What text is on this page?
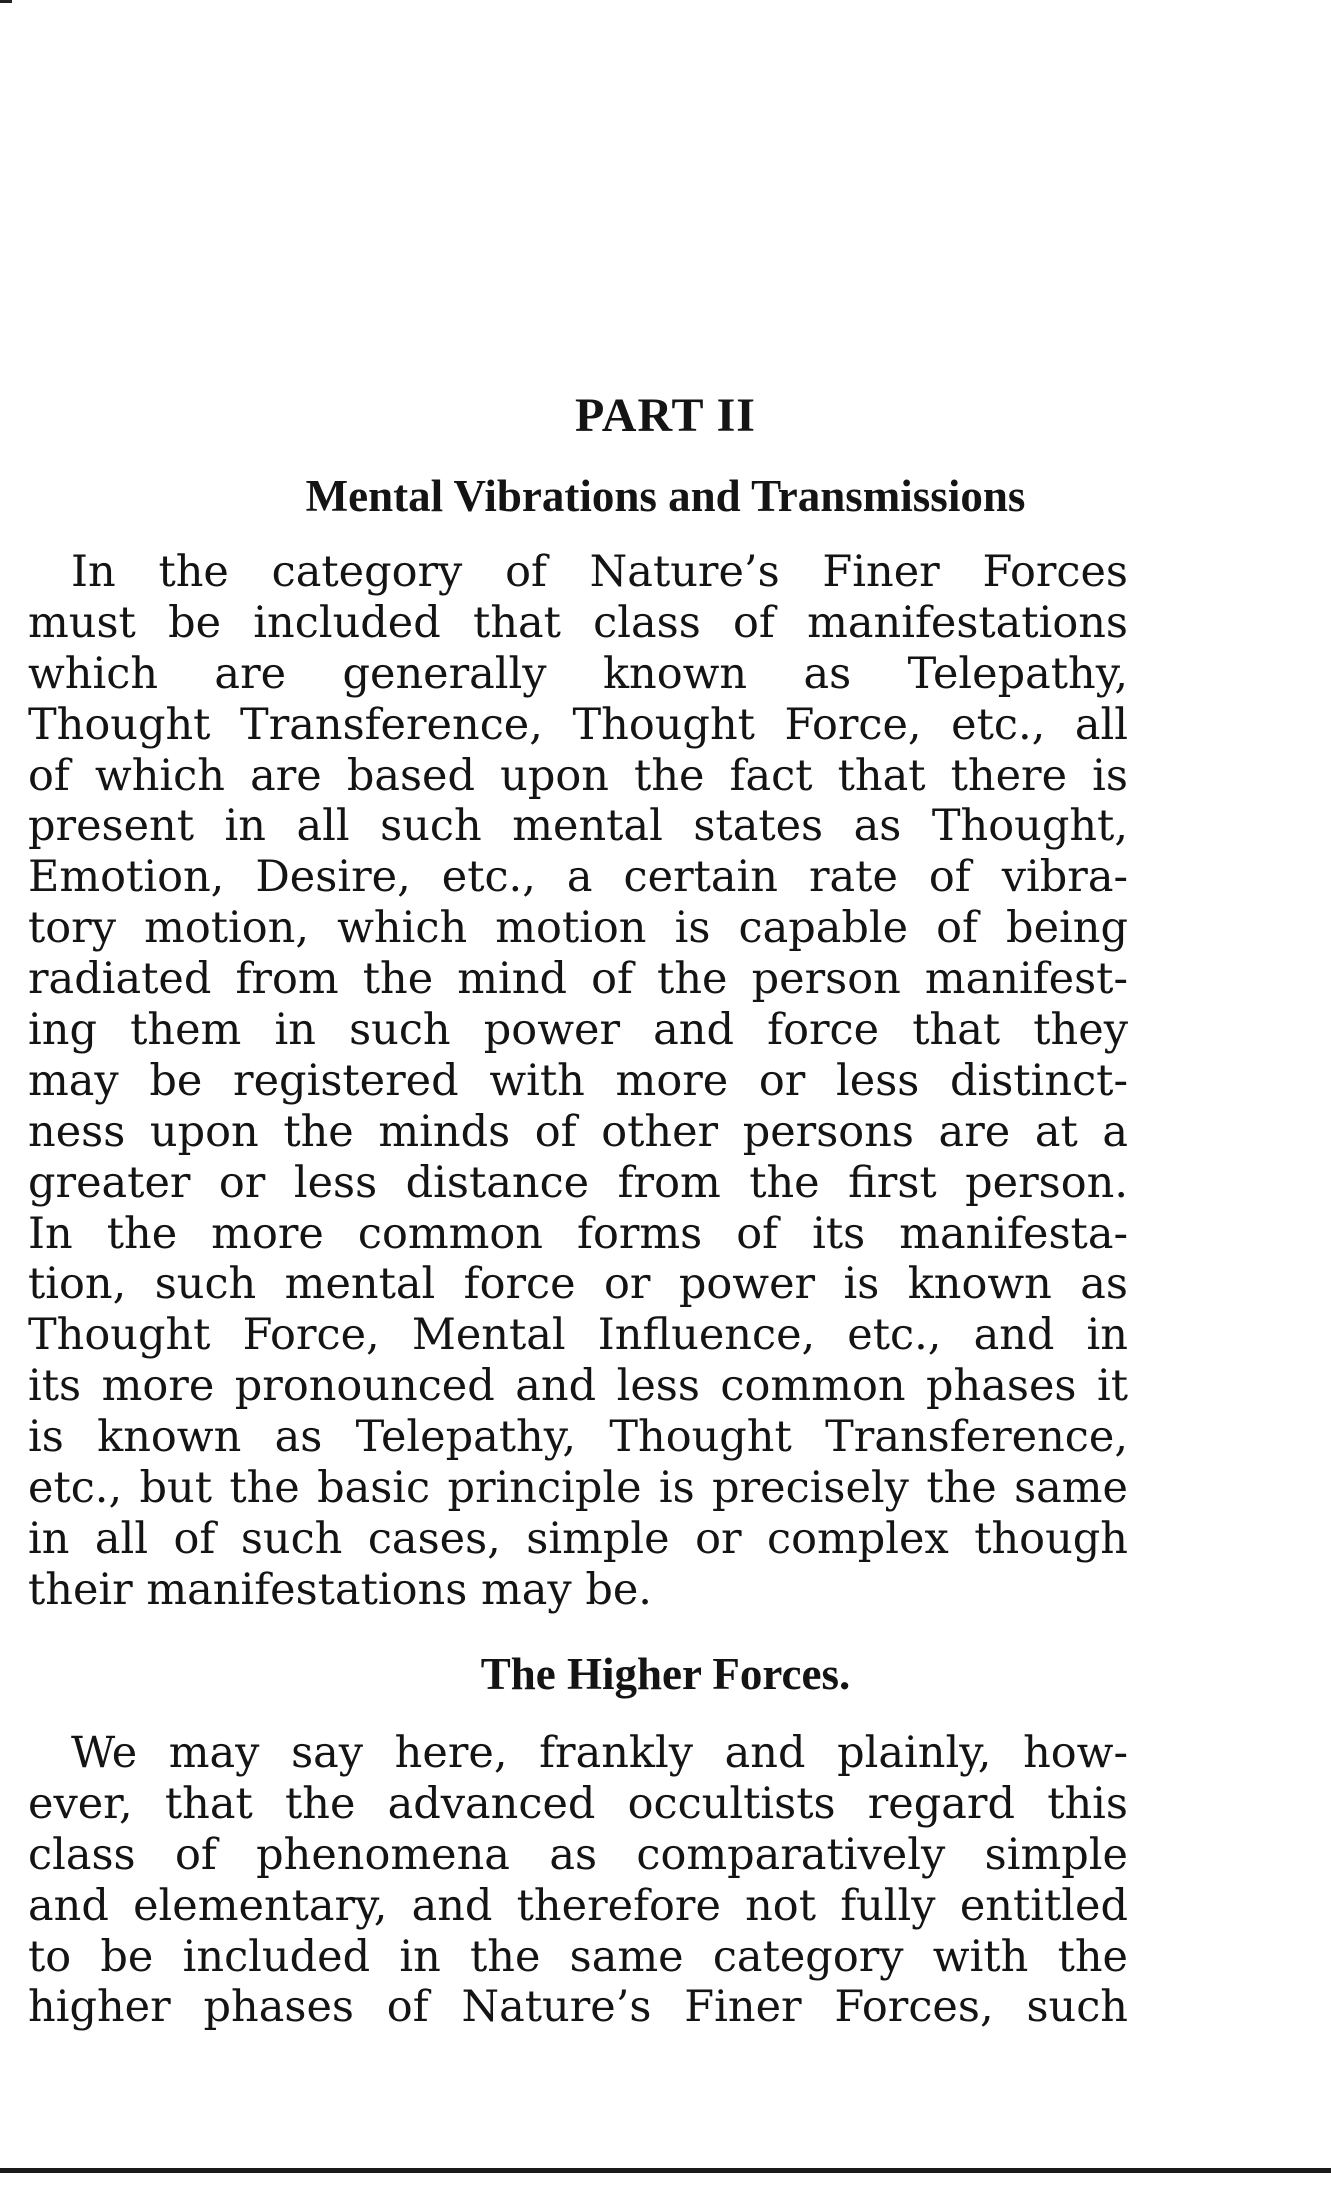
PART II
Mental Vibrations and Transmissions
 In the category of Nature’s Finer Forces
must be included that class of manifestations
which are generally known as Telepathy,
Thought Transference, Thought Force, etc., all
of which are based upon the fact that there is
present in all such mental states as Thought,
Emotion, Desire, etc., a certain rate of vibra-
tory motion, which motion is capable of being
radiated from the mind of the person manifest-
ing them in such power and force that they
may be registered with more or less distinct-
ness upon the minds of other persons are at a
greater or less distance from the first person.
In the more common forms of its manifesta-
tion, such mental force or power is known as
Thought Force, Mental Influence, etc., and in
its more pronounced and less common phases it
is known as Telepathy, Thought Transference,
etc., but the basic principle is precisely the same
in all of such cases, simple or complex though
their manifestations may be.
The Higher Forces.
 We may say here, frankly and plainly, how-
ever, that the advanced occultists regard this
class of phenomena as comparatively simple
and elementary, and therefore not fully entitled
to be included in the same category with the
higher phases of Nature’s Finer Forces, such
